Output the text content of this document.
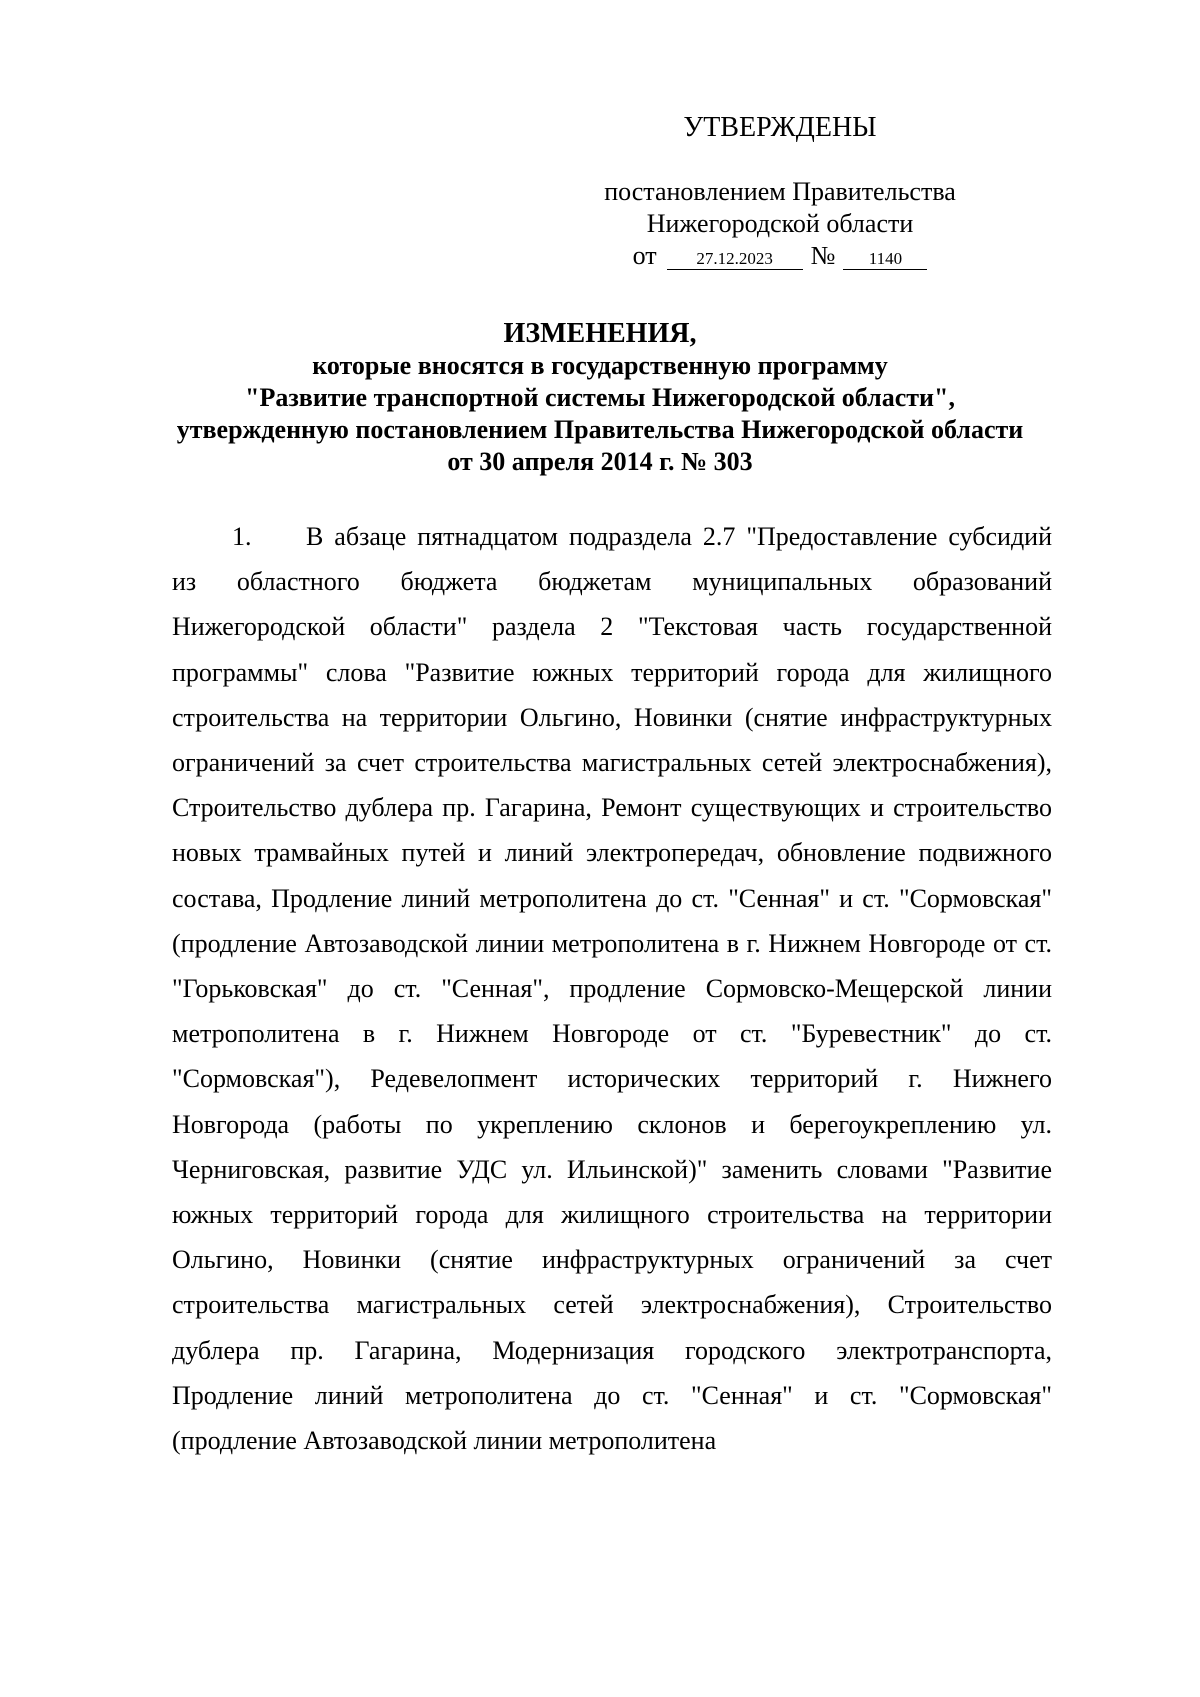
УТВЕРЖДЕНЫ

постановлением Правительства

Нижегородской области

от 27.12.2023 № 1140

ИЗМЕНЕНИЯ,

которые вносятся в государственную программу

"Развитие транспортной системы Нижегородской области",

утвержденную постановлением Правительства Нижегородской области

от 30 апреля 2014 г. № 303

1. В абзаце пятнадцатом подраздела 2.7 "Предоставление субсидий из областного бюджета бюджетам муниципальных образований Нижегородской области" раздела 2 "Текстовая часть государственной программы" слова "Развитие южных территорий города для жилищного строительства на территории Ольгино, Новинки (снятие инфраструктурных ограничений за счет строительства магистральных сетей электроснабжения), Строительство дублера пр. Гагарина, Ремонт существующих и строительство новых трамвайных путей и линий электропередач, обновление подвижного состава, Продление линий метрополитена до ст. "Сенная" и ст. "Сормовская" (продление Автозаводской линии метрополитена в г. Нижнем Новгороде от ст. "Горьковская" до ст. "Сенная", продление Сормовско-Мещерской линии метрополитена в г. Нижнем Новгороде от ст. "Буревестник" до ст. "Сормовская"), Редевелопмент исторических территорий г. Нижнего Новгорода (работы по укреплению склонов и берегоукреплению ул. Черниговская, развитие УДС ул. Ильинской)" заменить словами "Развитие южных территорий города для жилищного строительства на территории Ольгино, Новинки (снятие инфраструктурных ограничений за счет строительства магистральных сетей электроснабжения), Строительство дублера пр. Гагарина, Модернизация городского электротранспорта, Продление линий метрополитена до ст. "Сенная" и ст. "Сормовская" (продление Автозаводской линии метрополитена
